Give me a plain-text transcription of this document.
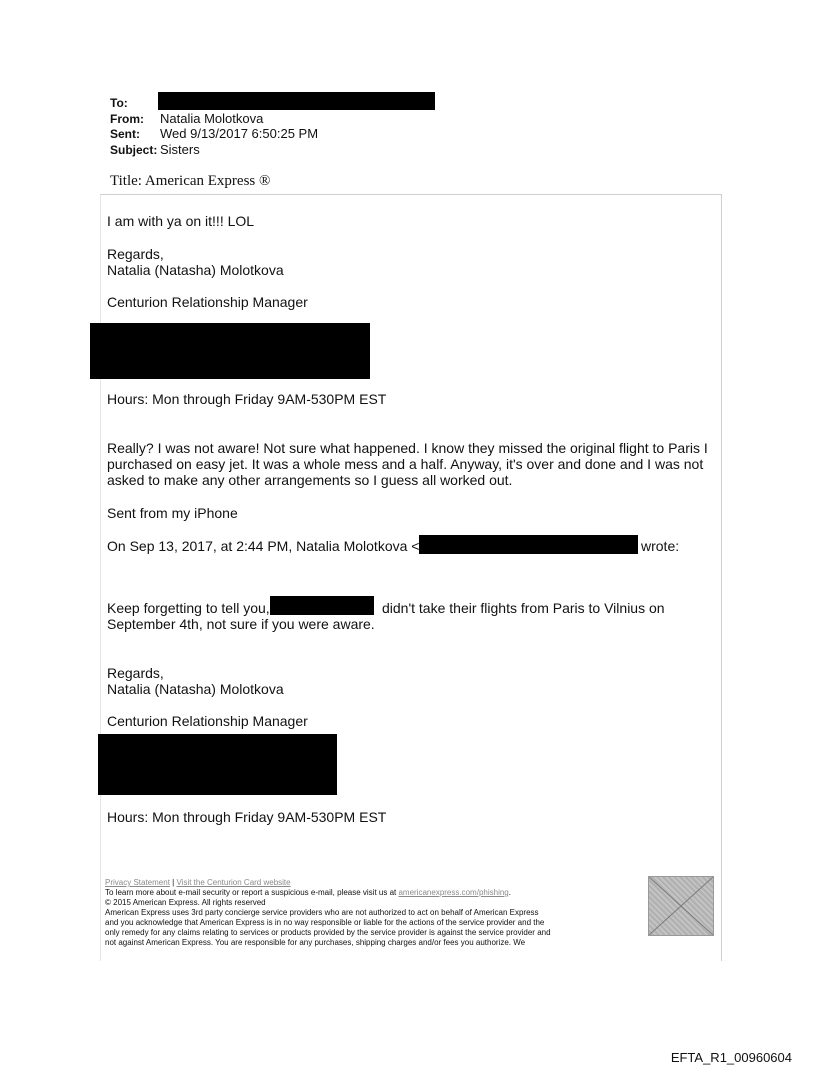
To:
From: Natalia Molotkova
Sent: Wed 9/13/2017 6:50:25 PM
Subject: Sisters
Title: American Express ®
I am with ya on it!!! LOL
Regards,
Natalia (Natasha) Molotkova
Centurion Relationship Manager
Hours: Mon through Friday 9AM-530PM EST
Really? I was not aware! Not sure what happened. I know they missed the original flight to Paris I
purchased on easy jet. It was a whole mess and a half. Anyway, it's over and done and I was not
asked to make any other arrangements so I guess all worked out.
Sent from my iPhone
On Sep 13, 2017, at 2:44 PM, Natalia Molotkova <	wrote:
Keep forgetting to tell you,	didn't take their flights from Paris to Vilnius on
September 4th, not sure if you were aware.
Regards,
Natalia (Natasha) Molotkova
Centurion Relationship Manager
Hours: Mon through Friday 9AM-530PM EST
Privacy Statement | Visit the Centurion Card website
To learn more about e-mail security or report a suspicious e-mail, please visit us at americanexpress.com/phishing.
© 2015 American Express. All rights reserved
American Express uses 3rd party concierge service providers who are not authorized to act on behalf of American Express
and you acknowledge that American Express is in no way responsible or liable for the actions of the service provider and the
only remedy for any claims relating to services or products provided by the service provider is against the service provider and
not against American Express. You are responsible for any purchases, shipping charges and/or fees you authorize. We
EFTA_R1_00960604
